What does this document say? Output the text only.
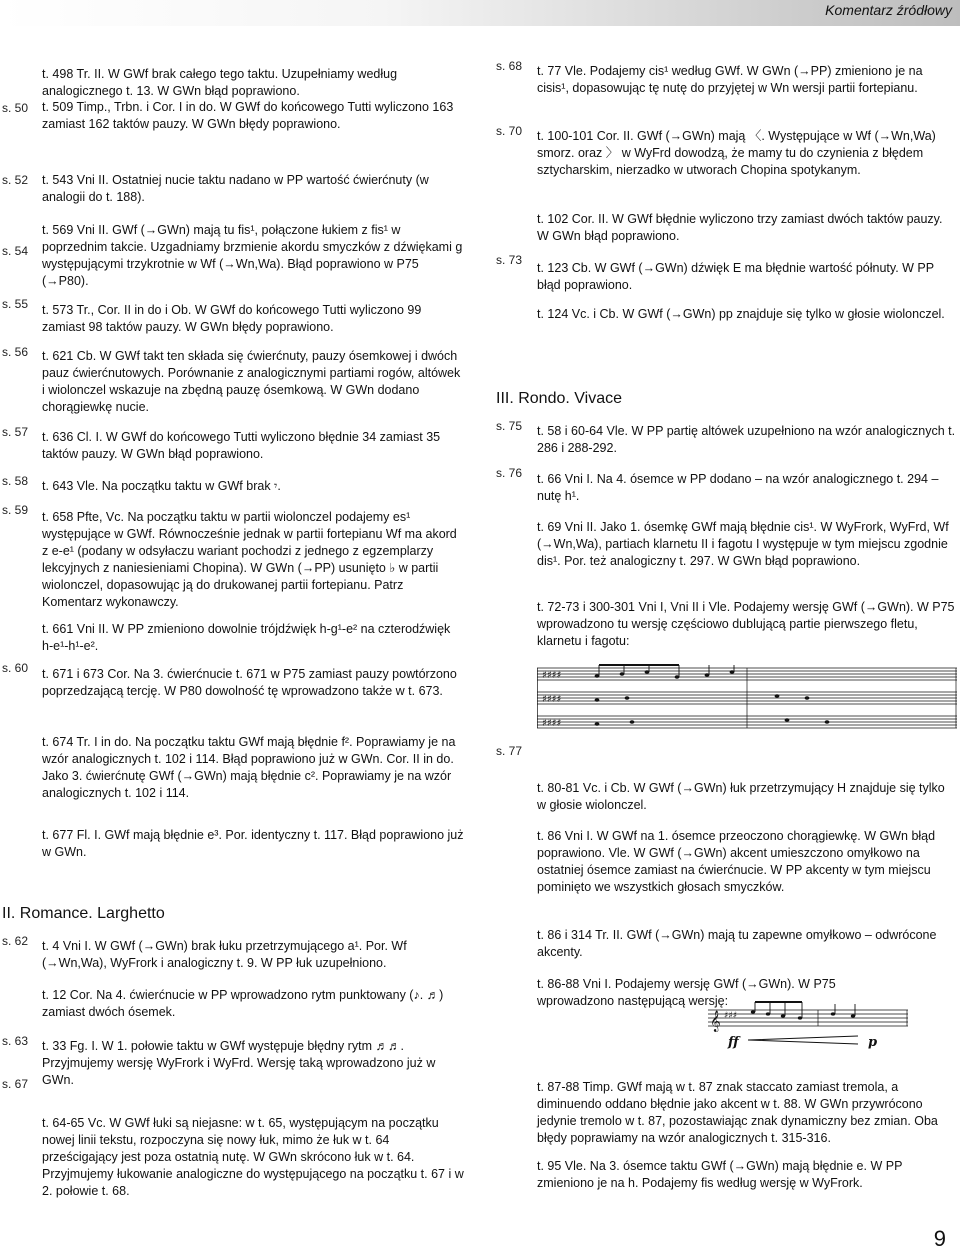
Komentarz źródłowy
t. 498 Tr. II. W GWf brak całego tego taktu. Uzupełniamy według analogicznego t. 13. W GWn błąd poprawiono.
s. 50 t. 509 Timp., Trbn. i Cor. I in do. W GWf do końcowego Tutti wyliczono 163 zamiast 162 taktów pauzy. W GWn błędy poprawiono.
s. 52 t. 543 Vni II. Ostatniej nucie taktu nadano w PP wartość ćwierćnuty (w analogii do t. 188).
s. 54
t. 569 Vni II. GWf (→GWn) mają tu fis¹, połączone łukiem z fis¹ w poprzednim takcie. Uzgadniamy brzmienie akordu smyczków z dźwiękami g występującymi trzykrotnie w Wf (→Wn,Wa). Błąd poprawiono w P75 (→P80).
s. 55 t. 573 Tr., Cor. II in do i Ob. W GWf do końcowego Tutti wyliczono 99 zamiast 98 taktów pauzy. W GWn błędy poprawiono.
s. 56 t. 621 Cb. W GWf takt ten składa się ćwierćnuty, pauzy ósemkowej i dwóch pauz ćwierćnutowych. Porównanie z analogicznymi partiami rogów, altówek i wiolonczel wskazuje na zbędną pauzę ósemkową. W GWn dodano chorągiewkę nucie.
s. 57 t. 636 Cl. I. W GWf do końcowego Tutti wyliczono błędnie 34 zamiast 35 taktów pauzy. W GWn błąd poprawiono.
s. 58 t. 643 Vle. Na początku taktu w GWf brak 𝄾.
s. 59 t. 658 Pfte, Vc. Na początku taktu w partii wiolonczel podajemy es¹ występujące w GWf. Równocześnie jednak w partii fortepianu Wf ma akord z e-e¹ (podany w odsyłaczu wariant pochodzi z jednego z egzemplarzy lekcyjnych z naniesieniami Chopina). W GWn (→PP) usunięto ♭ w partii wiolonczel, dopasowując ją do drukowanej partii fortepianu. Patrz Komentarz wykonawczy.
t. 661 Vni II. W PP zmieniono dowolnie trójdźwięk h-g¹-e² na czterodźwięk h-e¹-h¹-e².
s. 60 t. 671 i 673 Cor. Na 3. ćwierćnucie t. 671 w P75 zamiast pauzy powtórzono poprzedzającą tercję. W P80 dowolność tę wprowadzono także w t. 673.
t. 674 Tr. I in do. Na początku taktu GWf mają błędnie f². Poprawiamy je na wzór analogicznych t. 102 i 114. Błąd poprawiono już w GWn. Cor. II in do. Jako 3. ćwierćnutę GWf (→GWn) mają błędnie c². Poprawiamy je na wzór analogicznych t. 102 i 114.
t. 677 Fl. I. GWf mają błędnie e³. Por. identyczny t. 117. Błąd poprawiono już w GWn.
II. Romance. Larghetto
s. 62 t. 4 Vni I. W GWf (→GWn) brak łuku przetrzymującego a¹. Por. Wf (→Wn,Wa), WyFrork i analogiczny t. 9. W PP łuk uzupełniono.
t. 12 Cor. Na 4. ćwierćnucie w PP wprowadzono rytm punktowany (♪. ♬) zamiast dwóch ósemek.
s. 63 t. 33 Fg. I. W 1. połowie taktu w GWf występuje błędny rytm ♬♬. Przyjmujemy wersję WyFrork i WyFrd. Wersję taką wprowadzono już w GWn.
s. 67
t. 64-65 Vc. W GWf łuki są niejasne: w t. 65, występującym na początku nowej linii tekstu, rozpoczyna się nowy łuk, mimo że łuk w t. 64 prześcigający jest poza ostatnią nutę. W GWn skrócono łuk w t. 64. Przyjmujemy łukowanie analogiczne do występującego na początku t. 67 i w 2. połowie t. 68.
s. 68 t. 77 Vle. Podajemy cis¹ według GWf. W GWn (→PP) zmieniono je na cisis¹, dopasowując tę nutę do przyjętej w Wn wersji partii fortepianu.
s. 70 t. 100-101 Cor. II. GWf (→GWn) mają 〈. Występujące w Wf (→Wn,Wa) smorz. oraz 〉 w WyFrd dowodzą, że mamy tu do czynienia z błędem sztycharskim, nierzadko w utworach Chopina spotykanym.
t. 102 Cor. II. W GWf błędnie wyliczono trzy zamiast dwóch taktów pauzy. W GWn błąd poprawiono.
s. 73
t. 123 Cb. W GWf (→GWn) dźwięk E ma błędnie wartość półnuty. W PP błąd poprawiono.
t. 124 Vc. i Cb. W GWf (→GWn) pp znajduje się tylko w głosie wiolonczel.
III. Rondo. Vivace
s. 75 t. 58 i 60-64 Vle. W PP partię altówek uzupełniono na wzór analogicznych t. 286 i 288-292.
s. 76 t. 66 Vni I. Na 4. ósemce w PP dodano – na wzór analogicznego t. 294 – nutę h¹.
t. 69 Vni II. Jako 1. ósemkę GWf mają błędnie cis¹. W WyFrork, WyFrd, Wf (→Wn,Wa), partiach klarnetu II i fagotu I występuje w tym miejscu zgodnie dis¹. Por. też analogiczny t. 297. W GWn błąd poprawiono.
t. 72-73 i 300-301 Vni I, Vni II i Vle. Podajemy wersję GWf (→GWn). W P75 wprowadzono tu wersję częściowo dublującą partie pierwszego fletu, klarnetu i fagotu:
♯♯♯♯
♯♯♯♯
♯♯♯♯
s. 77
t. 80-81 Vc. i Cb. W GWf (→GWn) łuk przetrzymujący H znajduje się tylko w głosie wiolonczel.
t. 86 Vni I. W GWf na 1. ósemce przeoczono chorągiewkę. W GWn błąd poprawiono. Vle. W GWf (→GWn) akcent umieszczono omyłkowo na ostatniej ósemce zamiast na ćwierćnucie. W PP akcenty w tym miejscu pominięto we wszystkich głosach smyczków.
t. 86 i 314 Tr. II. GWf (→GWn) mają tu zapewne omyłkowo – odwrócone akcenty.
t. 86-88 Vni I. Podajemy wersję GWf (→GWn). W P75 wprowadzono następującą wersję:
𝄞 ♯♯♯
ff	p
t. 87-88 Timp. GWf mają w t. 87 znak staccato zamiast tremola, a diminuendo oddano błędnie jako akcent w t. 88. W GWn przywrócono jedynie tremolo w t. 87, pozostawiając znak dynamiczny bez zmian. Oba błędy poprawiamy na wzór analogicznych t. 315-316.
t. 95 Vle. Na 3. ósemce taktu GWf (→GWn) mają błędnie e. W PP zmieniono je na h. Podajemy fis według wersję w WyFrork.
9
